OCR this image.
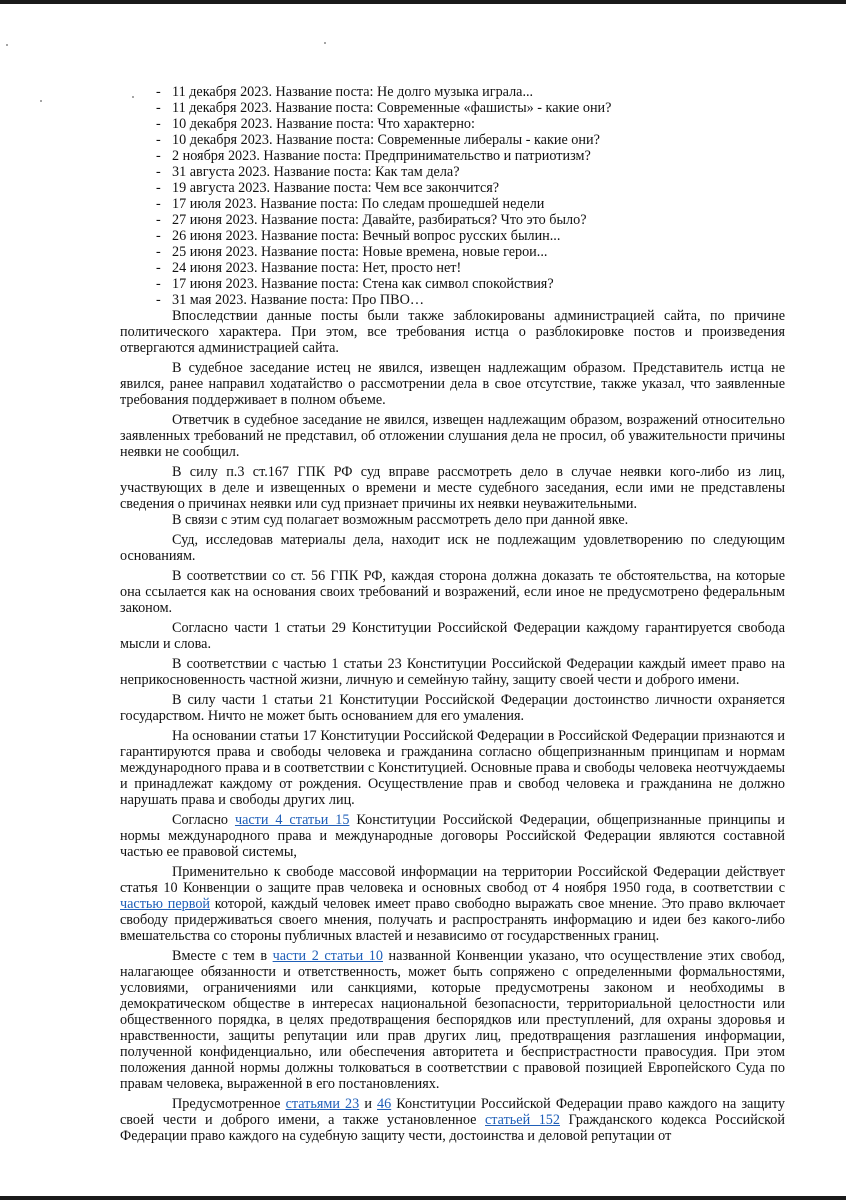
- 11 декабря 2023. Название поста: Не долго музыка играла...
- 11 декабря 2023. Название поста: Современные «фашисты» - какие они?
- 10 декабря 2023. Название поста: Что характерно:
- 10 декабря 2023. Название поста: Современные либералы - какие они?
- 2 ноября 2023. Название поста: Предпринимательство и патриотизм?
- 31 августа 2023. Название поста: Как там дела?
- 19 августа 2023. Название поста: Чем все закончится?
- 17 июля 2023. Название поста: По следам прошедшей недели
- 27 июня 2023. Название поста: Давайте, разбираться? Что это было?
- 26 июня 2023. Название поста: Вечный вопрос русских былин...
- 25 июня 2023. Название поста: Новые времена, новые герои...
- 24 июня 2023. Название поста: Нет, просто нет!
- 17 июня 2023. Название поста: Стена как символ спокойствия?
- 31 мая 2023. Название поста: Про ПВО…

Впоследствии данные посты были также заблокированы администрацией сайта, по причине политического характера. При этом, все требования истца о разблокировке постов и произведения отвергаются администрацией сайта.

В судебное заседание истец не явился, извещен надлежащим образом. Представитель истца не явился, ранее направил ходатайство о рассмотрении дела в свое отсутствие, также указал, что заявленные требования поддерживает в полном объеме.

Ответчик в судебное заседание не явился, извещен надлежащим образом, возражений относительно заявленных требований не представил, об отложении слушания дела не просил, об уважительности причины неявки не сообщил.

В силу п.3 ст.167 ГПК РФ суд вправе рассмотреть дело в случае неявки кого-либо из лиц, участвующих в деле и извещенных о времени и месте судебного заседания, если ими не представлены сведения о причинах неявки или суд признает причины их неявки неуважительными.

В связи с этим суд полагает возможным рассмотреть дело при данной явке.

Суд, исследовав материалы дела, находит иск не подлежащим удовлетворению по следующим основаниям.

В соответствии со ст. 56 ГПК РФ, каждая сторона должна доказать те обстоятельства, на которые она ссылается как на основания своих требований и возражений, если иное не предусмотрено федеральным законом.

Согласно части 1 статьи 29 Конституции Российской Федерации каждому гарантируется свобода мысли и слова.

В соответствии с частью 1 статьи 23 Конституции Российской Федерации каждый имеет право на неприкосновенность частной жизни, личную и семейную тайну, защиту своей чести и доброго имени.

В силу части 1 статьи 21 Конституции Российской Федерации достоинство личности охраняется государством. Ничто не может быть основанием для его умаления.

На основании статьи 17 Конституции Российской Федерации в Российской Федерации признаются и гарантируются права и свободы человека и гражданина согласно общепризнанным принципам и нормам международного права и в соответствии с Конституцией. Основные права и свободы человека неотчуждаемы и принадлежат каждому от рождения. Осуществление прав и свобод человека и гражданина не должно нарушать права и свободы других лиц.

Согласно части 4 статьи 15 Конституции Российской Федерации, общепризнанные принципы и нормы международного права и международные договоры Российской Федерации являются составной частью ее правовой системы,

Применительно к свободе массовой информации на территории Российской Федерации действует статья 10 Конвенции о защите прав человека и основных свобод от 4 ноября 1950 года, в соответствии с частью первой которой, каждый человек имеет право свободно выражать свое мнение. Это право включает свободу придерживаться своего мнения, получать и распространять информацию и идеи без какого-либо вмешательства со стороны публичных властей и независимо от государственных границ.

Вместе с тем в части 2 статьи 10 названной Конвенции указано, что осуществление этих свобод, налагающее обязанности и ответственность, может быть сопряжено с определенными формальностями, условиями, ограничениями или санкциями, которые предусмотрены законом и необходимы в демократическом обществе в интересах национальной безопасности, территориальной целостности или общественного порядка, в целях предотвращения беспорядков или преступлений, для охраны здоровья и нравственности, защиты репутации или прав других лиц, предотвращения разглашения информации, полученной конфиденциально, или обеспечения авторитета и беспристрастности правосудия. При этом положения данной нормы должны толковаться в соответствии с правовой позицией Европейского Суда по правам человека, выраженной в его постановлениях.

Предусмотренное статьями 23 и 46 Конституции Российской Федерации право каждого на защиту своей чести и доброго имени, а также установленное статьей 152 Гражданского кодекса Российской Федерации право каждого на судебную защиту чести, достоинства и деловой репутации от
